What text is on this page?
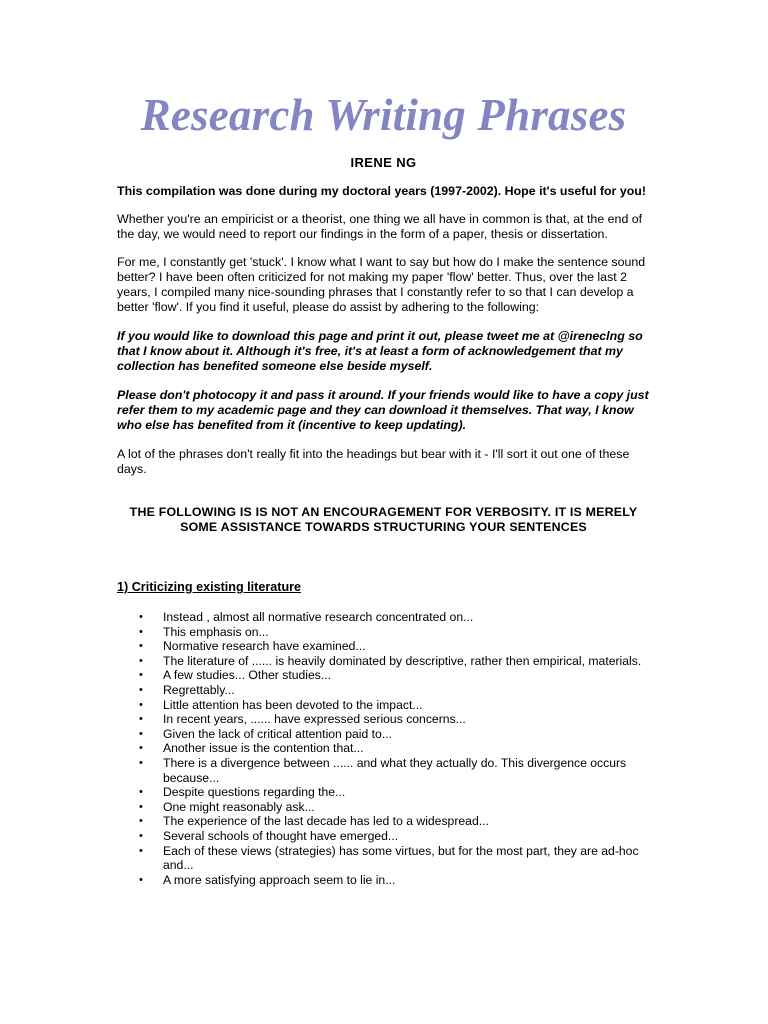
Research Writing Phrases
IRENE NG

This compilation was done during my doctoral years (1997-2002). Hope it's useful for you!

Whether you're an empiricist or a theorist, one thing we all have in common is that, at the end of the day, we would need to report our findings in the form of a paper, thesis or dissertation.

For me, I constantly get 'stuck'. I know what I want to say but how do I make the sentence sound better? I have been often criticized for not making my paper 'flow' better. Thus, over the last 2 years, I compiled many nice-sounding phrases that I constantly refer to so that I can develop a better 'flow'. If you find it useful, please do assist by adhering to the following:

If you would like to download this page and print it out, please tweet me at @ireneclng so that I know about it. Although it's free, it's at least a form of acknowledgement that my collection has benefited someone else beside myself.

Please don't photocopy it and pass it around. If your friends would like to have a copy just refer them to my academic page and they can download it themselves. That way, I know who else has benefited from it (incentive to keep updating).

A lot of the phrases don't really fit into the headings but bear with it - I'll sort it out one of these days.

THE FOLLOWING IS IS NOT AN ENCOURAGEMENT FOR VERBOSITY. IT IS MERELY SOME ASSISTANCE TOWARDS STRUCTURING YOUR SENTENCES

1) Criticizing existing literature
• Instead , almost all normative research concentrated on...
• This emphasis on...
• Normative research have examined...
• The literature of ...... is heavily dominated by descriptive, rather then empirical, materials.
• A few studies... Other studies...
• Regrettably...
• Little attention has been devoted to the impact...
• In recent years, ...... have expressed serious concerns...
• Given the lack of critical attention paid to...
• Another issue is the contention that...
• There is a divergence between ...... and what they actually do. This divergence occurs because...
• Despite questions regarding the...
• One might reasonably ask...
• The experience of the last decade has led to a widespread...
• Several schools of thought have emerged...
• Each of these views (strategies) has some virtues, but for the most part, they are ad-hoc and...
• A more satisfying approach seem to lie in...
